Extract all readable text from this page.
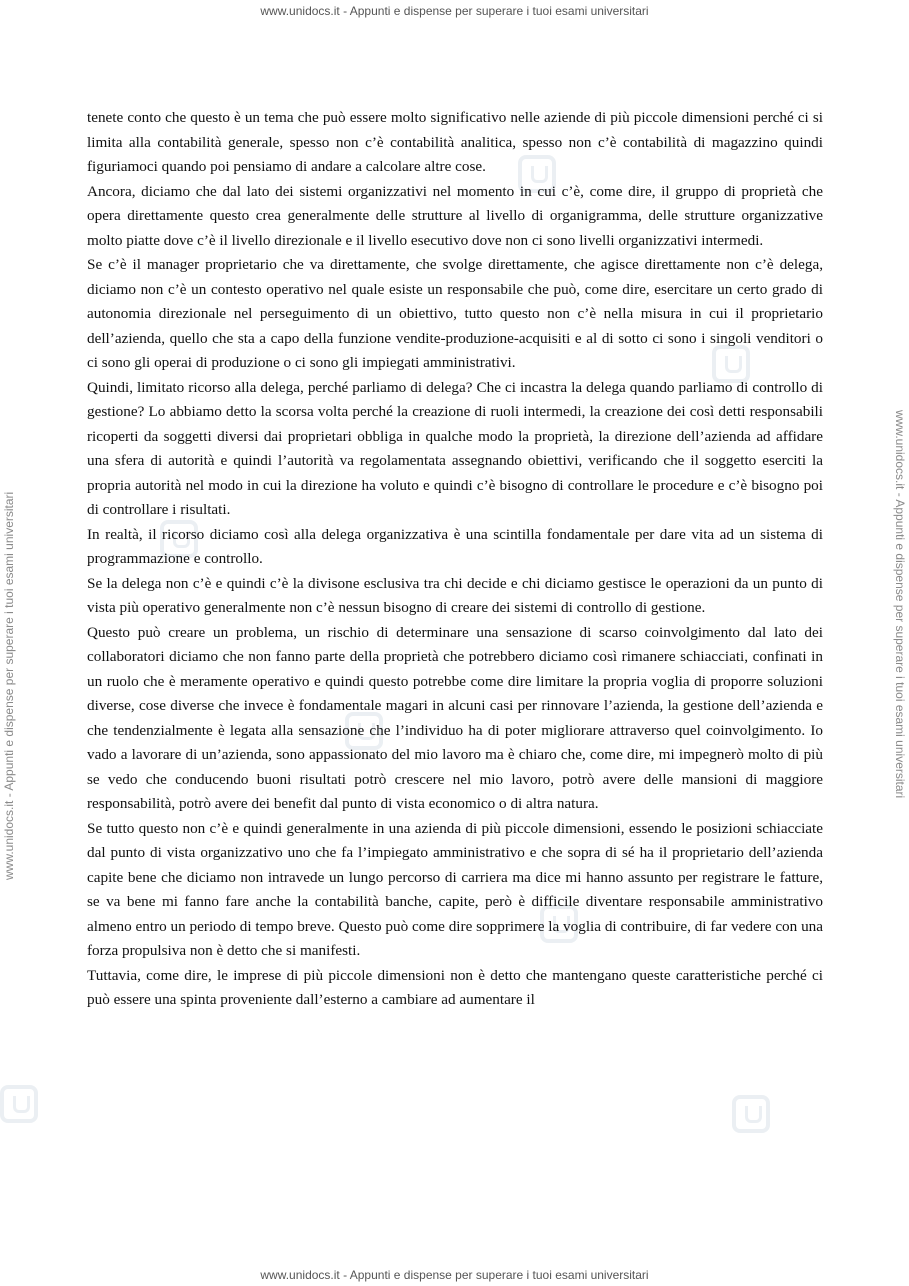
www.unidocs.it - Appunti e dispense per superare i tuoi esami universitari
www.unidocs.it - Appunti e dispense per superare i tuoi esami universitari	www.unidocs.it - Appunti e dispense per superare i tuoi esami universitari

tenete conto che questo è un tema che può essere molto significativo nelle aziende di più piccole dimensioni perché ci si limita alla contabilità generale, spesso non c’è contabilità analitica, spesso non c’è contabilità di magazzino quindi figuriamoci quando poi pensiamo di andare a calcolare altre cose.

Ancora, diciamo che dal lato dei sistemi organizzativi nel momento in cui c’è, come dire, il gruppo di proprietà che opera direttamente questo crea generalmente delle strutture al livello di organigramma, delle strutture organizzative molto piatte dove c’è il livello direzionale e il livello esecutivo dove non ci sono livelli organizzativi intermedi.

Se c’è il manager proprietario che va direttamente, che svolge direttamente, che agisce direttamente non c’è delega, diciamo non c’è un contesto operativo nel quale esiste un responsabile che può, come dire, esercitare un certo grado di autonomia direzionale nel perseguimento di un obiettivo, tutto questo non c’è nella misura in cui il proprietario dell’azienda, quello che sta a capo della funzione vendite-produzione-acquisiti e al di sotto ci sono i singoli venditori o ci sono gli operai di produzione o ci sono gli impiegati amministrativi.

Quindi, limitato ricorso alla delega, perché parliamo di delega? Che ci incastra la delega quando parliamo di controllo di gestione? Lo abbiamo detto la scorsa volta perché la creazione di ruoli intermedi, la creazione dei così detti responsabili ricoperti da soggetti diversi dai proprietari obbliga in qualche modo la proprietà, la direzione dell’azienda ad affidare una sfera di autorità e quindi l’autorità va regolamentata assegnando obiettivi, verificando che il soggetto eserciti la propria autorità nel modo in cui la direzione ha voluto e quindi c’è bisogno di controllare le procedure e c’è bisogno poi di controllare i risultati.

In realtà, il ricorso diciamo così alla delega organizzativa è una scintilla fondamentale per dare vita ad un sistema di programmazione e controllo.

Se la delega non c’è e quindi c’è la divisone esclusiva tra chi decide e chi diciamo gestisce le operazioni da un punto di vista più operativo generalmente non c’è nessun bisogno di creare dei sistemi di controllo di gestione.

Questo può creare un problema, un rischio di determinare una sensazione di scarso coinvolgimento dal lato dei collaboratori diciamo che non fanno parte della proprietà che potrebbero diciamo così rimanere schiacciati, confinati in un ruolo che è meramente operativo e quindi questo potrebbe come dire limitare la propria voglia di proporre soluzioni diverse, cose diverse che invece è fondamentale magari in alcuni casi per rinnovare l’azienda, la gestione dell’azienda e che tendenzialmente è legata alla sensazione che l’individuo ha di poter migliorare attraverso quel coinvolgimento. Io vado a lavorare di un’azienda, sono appassionato del mio lavoro ma è chiaro che, come dire, mi impegnerò molto di più se vedo che conducendo buoni risultati potrò crescere nel mio lavoro, potrò avere delle mansioni di maggiore responsabilità, potrò avere dei benefit dal punto di vista economico o di altra natura.

Se tutto questo non c’è e quindi generalmente in una azienda di più piccole dimensioni, essendo le posizioni schiacciate dal punto di vista organizzativo uno che fa l’impiegato amministrativo e che sopra di sé ha il proprietario dell’azienda capite bene che diciamo non intravede un lungo percorso di carriera ma dice mi hanno assunto per registrare le fatture, se va bene mi fanno fare anche la contabilità banche, capite, però è difficile diventare responsabile amministrativo almeno entro un periodo di tempo breve. Questo può come dire sopprimere la voglia di contribuire, di far vedere con una forza propulsiva non è detto che si manifesti.

Tuttavia, come dire, le imprese di più piccole dimensioni non è detto che mantengano queste caratteristiche perché ci può essere una spinta proveniente dall’esterno a cambiare ad aumentare il

www.unidocs.it - Appunti e dispense per superare i tuoi esami universitari
